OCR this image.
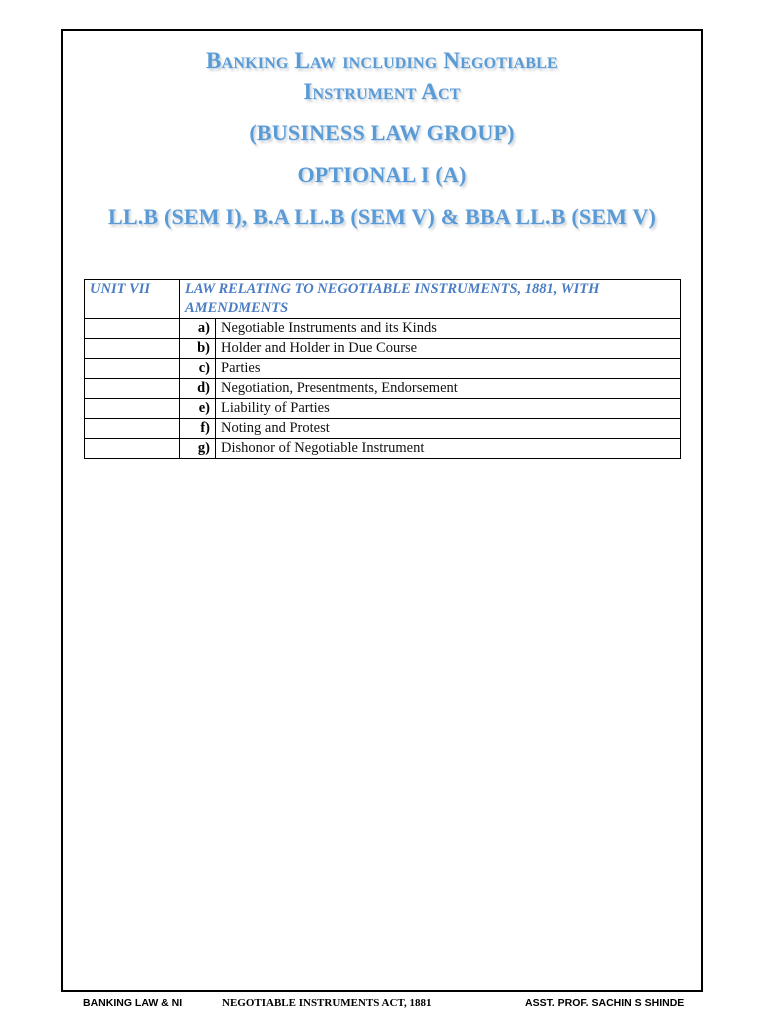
Banking Law including Negotiable
Instrument Act
(BUSINESS LAW GROUP)
OPTIONAL I (A)
LL.B (SEM I), B.A LL.B (SEM V) & BBA LL.B (SEM V)
UNIT VII	LAW RELATING TO NEGOTIABLE INSTRUMENTS, 1881, WITH AMENDMENTS	
	a)	Negotiable Instruments and its Kinds
	b)	Holder and Holder in Due Course
	c)	Parties
	d)	Negotiation, Presentments, Endorsement
	e)	Liability of Parties
	f)	Noting and Protest
	g)	Dishonor of Negotiable Instrument
BANKING LAW & NI	NEGOTIABLE INSTRUMENTS ACT, 1881	ASST. PROF. SACHIN S SHINDE
